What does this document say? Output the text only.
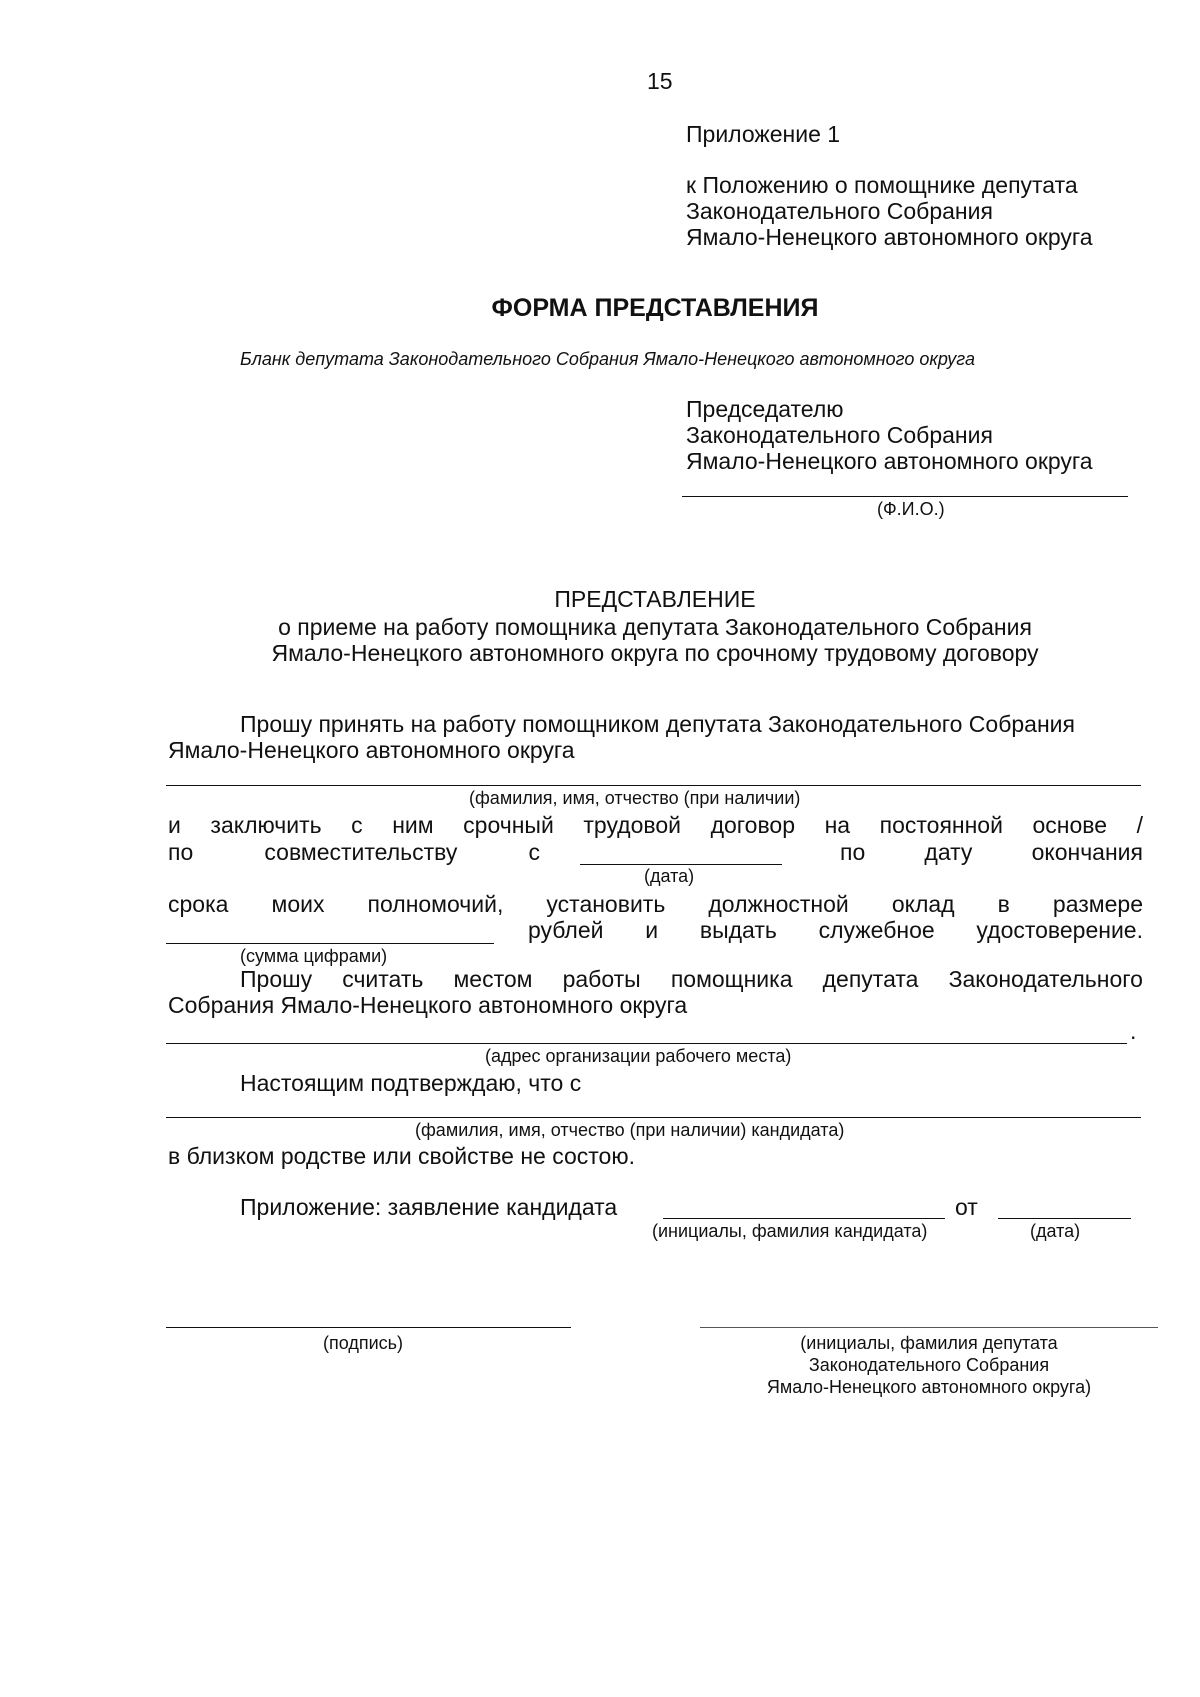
15
Приложение 1
к Положению о помощнике депутата
Законодательного Собрания
Ямало-Ненецкого автономного округа
ФОРМА ПРЕДСТАВЛЕНИЯ
Бланк депутата Законодательного Собрания Ямало-Ненецкого автономного округа
Председателю
Законодательного Собрания
Ямало-Ненецкого автономного округа
(Ф.И.О.)
ПРЕДСТАВЛЕНИЕ
о приеме на работу помощника депутата Законодательного Собрания
Ямало-Ненецкого автономного округа по срочному трудовому договору
Прошу принять на работу помощником депутата Законодательного Собрания
Ямало-Ненецкого автономного округа
(фамилия, имя, отчество (при наличии)
и заключить с ним срочный трудовой договор на постоянной основе /
по	совместительству	с	по	дату	окончания
(дата)
срока моих полномочий, установить должностной оклад в размере
рублей и выдать служебное удостоверение.
(сумма цифрами)
Прошу считать местом работы помощника депутата Законодательного
Собрания Ямало-Ненецкого автономного округа
.
(адрес организации рабочего места)
Настоящим подтверждаю, что с
(фамилия, имя, отчество (при наличии) кандидата)
в близком родстве или свойстве не состою.
Приложение: заявление кандидата	от
(инициалы, фамилия кандидата)	(дата)
(подпись)	(инициалы, фамилия депутата
Законодательного Собрания
Ямало-Ненецкого автономного округа)
